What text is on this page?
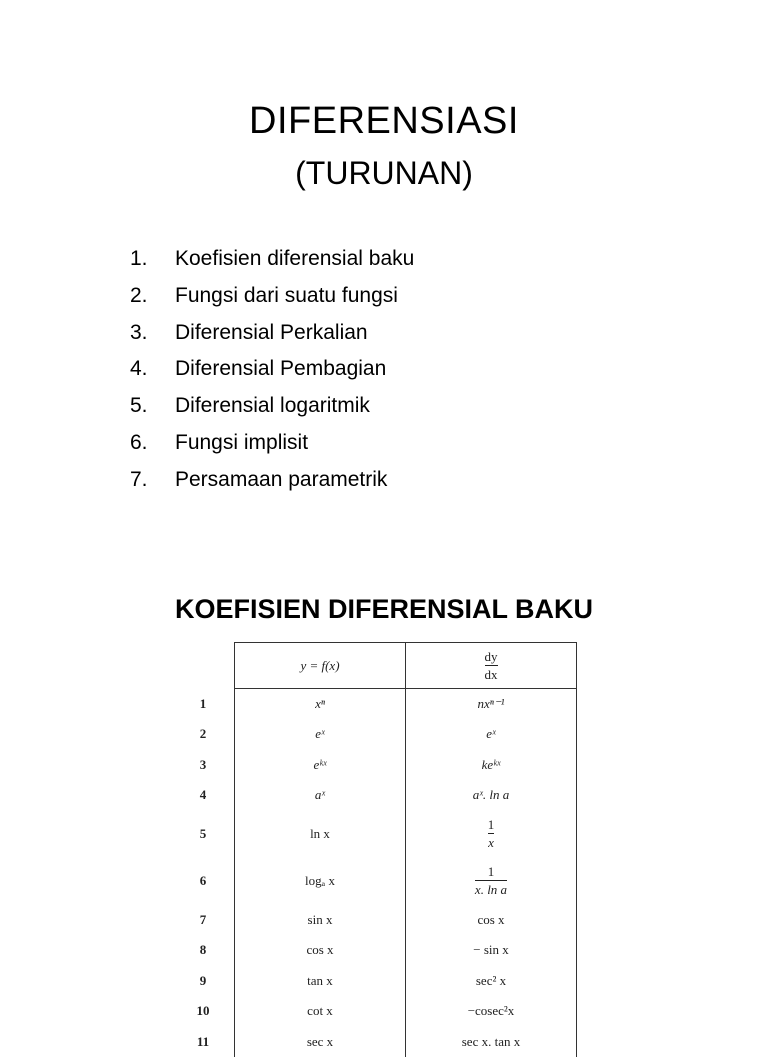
DIFERENSIASI
(TURUNAN)
1.	Koefisien diferensial baku
2.	Fungsi dari suatu fungsi
3.	Diferensial Perkalian
4.	Diferensial Pembagian
5.	Diferensial logaritmik
6.	Fungsi implisit
7.	Persamaan parametrik
KOEFISIEN DIFERENSIAL BAKU
	y = f(x)	$\frac{dy}{dx}$

1	xⁿ	nxⁿ⁻¹
2	eˣ	eˣ
3	eᵏˣ	keᵏˣ
4	aˣ	aˣ. ln a
5	ln x	$\frac{1}{x}$

6	logₐ x	$\frac{1}{\text{x. ln a}}$

7	sin x	cos x
8	cos x	− sin x
9	tan x	sec² x
10	cot x	−cosec²x
11	sec x	sec x. tan x
